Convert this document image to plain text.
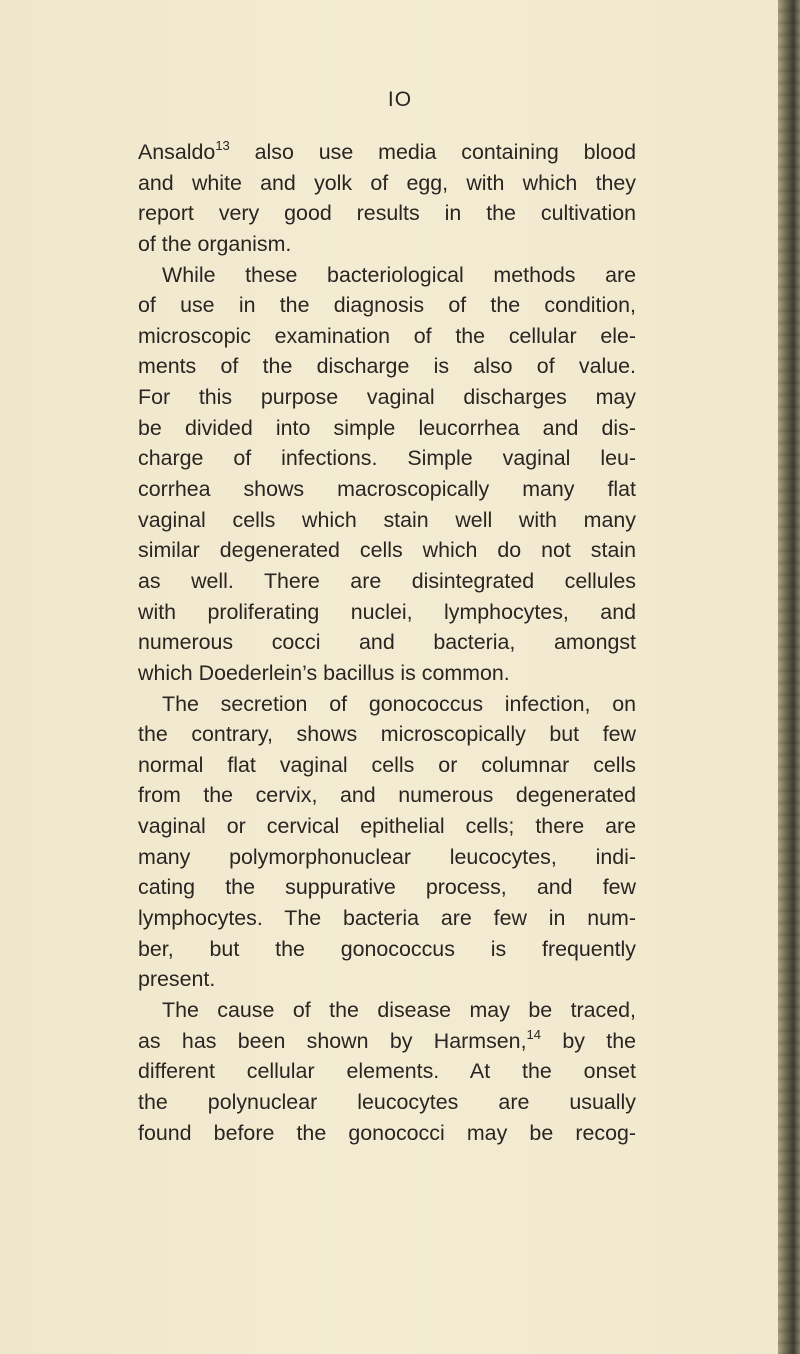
IO
Ansaldo$^{13}$ also use media containing blood
and white and yolk of egg, with which they
report very good results in the cultivation
of the organism.
While these bacteriological methods are
of use in the diagnosis of the condition,
microscopic examination of the cellular ele-
ments of the discharge is also of value.
For this purpose vaginal discharges may
be divided into simple leucorrhea and dis-
charge of infections. Simple vaginal leu-
corrhea shows macroscopically many flat
vaginal cells which stain well with many
similar degenerated cells which do not stain
as well. There are disintegrated cellules
with proliferating nuclei, lymphocytes, and
numerous cocci and bacteria, amongst
which Doederlein’s bacillus is common.
The secretion of gonococcus infection, on
the contrary, shows microscopically but few
normal flat vaginal cells or columnar cells
from the cervix, and numerous degenerated
vaginal or cervical epithelial cells; there are
many polymorphonuclear leucocytes, indi-
cating the suppurative process, and few
lymphocytes. The bacteria are few in num-
ber, but the gonococcus is frequently
present.
The cause of the disease may be traced,
as has been shown by Harmsen,$^{14}$ by the
different cellular elements. At the onset
the polynuclear leucocytes are usually
found before the gonococci may be recog-
